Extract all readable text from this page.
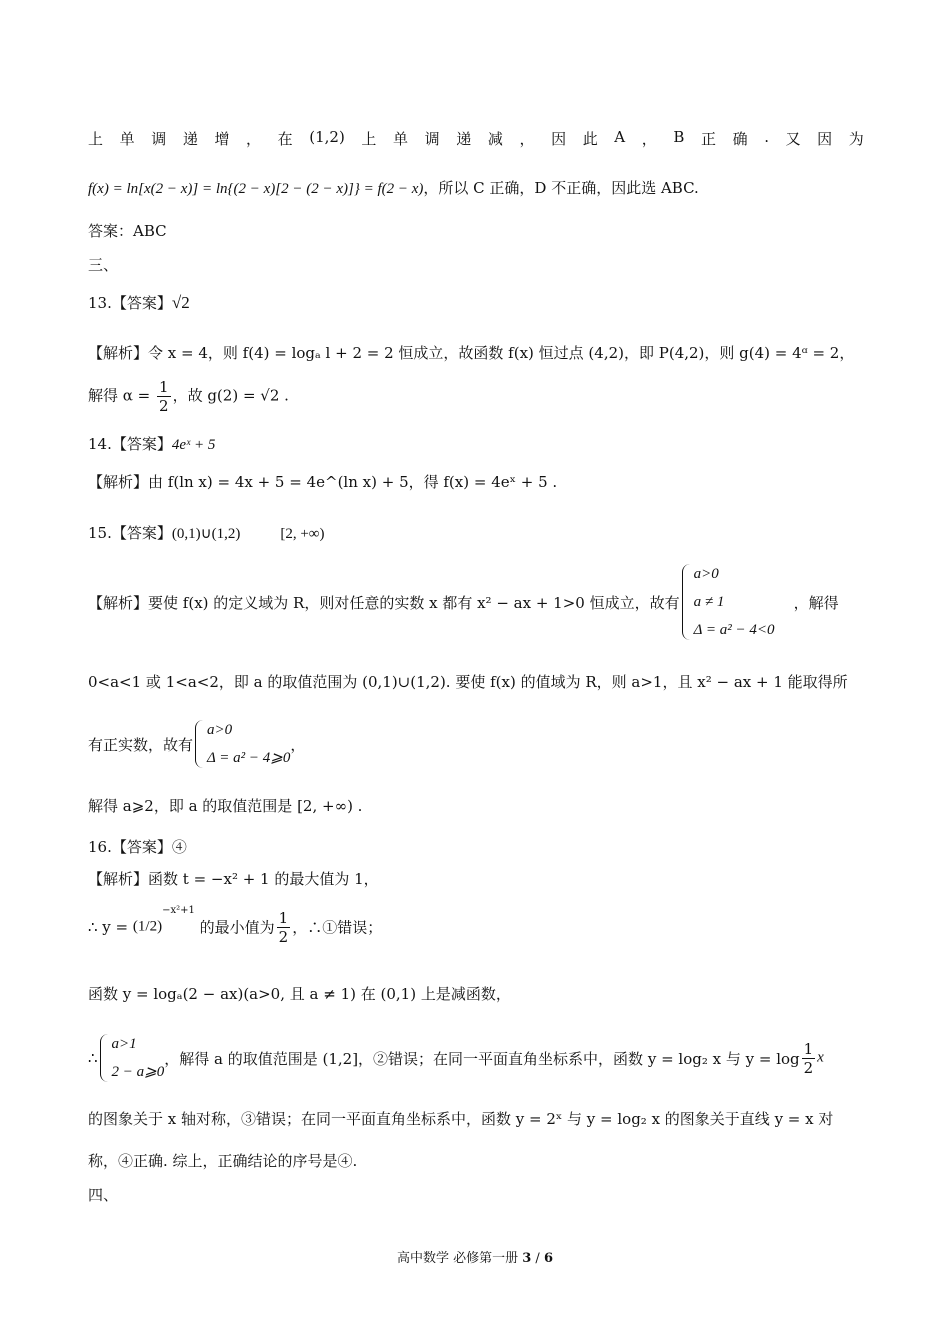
上 单 调 递 增 ， 在 (1,2) 上 单 调 递 减 ， 因 此 A ， B 正 确 . 又 因 为
f(x) = ln[x(2 − x)] = ln{(2 − x)[2 − (2 − x)]} = f(2 − x)，所以 C 正确，D 不正确，因此选 ABC.
答案：ABC
三、
13.【答案】√2
【解析】令 x = 4，则 f(4) = logₐ l + 2 = 2 恒成立，故函数 f(x) 恒过点 (4,2)，即 P(4,2)，则 g(4) = 4ᵅ = 2，
解得 $\alpha = \frac{1}{2}$ ，故 g(2) = √2 .
14.【答案】4eˣ + 5
【解析】由 f(ln x) = 4x + 5 = 4e^(ln x) + 5，得 f(x) = 4eˣ + 5 .
15.【答案】(0,1)∪(1,2)	[2, +∞)
【解析】要使 f(x) 的定义域为 R，则对任意的实数 x 都有 x² − ax + 1>0 恒成立，故有
a>0
a ≠ 1
Δ = a² − 4<0
，解得
0<a<1 或 1<a<2，即 a 的取值范围为 (0,1)∪(1,2). 要使 f(x) 的值域为 R，则 a>1，且 x² − ax + 1 能取得所
有正实数，故有
a>0
Δ = a² − 4⩾0
，
解得 a⩾2，即 a 的取值范围是 [2, +∞) .
16.【答案】④
【解析】函数 t = −x² + 1 的最大值为 1，
∴ $y = (1/2)^{-x^2+1}$ 的最小值为 $\frac{1}{2}$ ，∴①错误；
函数 y = logₐ(2 − ax)(a>0, 且 a ≠ 1) 在 (0,1) 上是减函数，
∴
a>1
2 − a⩾0
，解得 a 的取值范围是 (1,2]，②错误；在同一平面直角坐标系中，函数 y = log₂ x 与 $y = \log \frac{1}{2}$ x
的图象关于 x 轴对称，③错误；在同一平面直角坐标系中，函数 y = 2ˣ 与 y = log₂ x 的图象关于直线 y = x 对
称，④正确. 综上，正确结论的序号是④.
四、
高中数学 必修第一册 3 / 6
